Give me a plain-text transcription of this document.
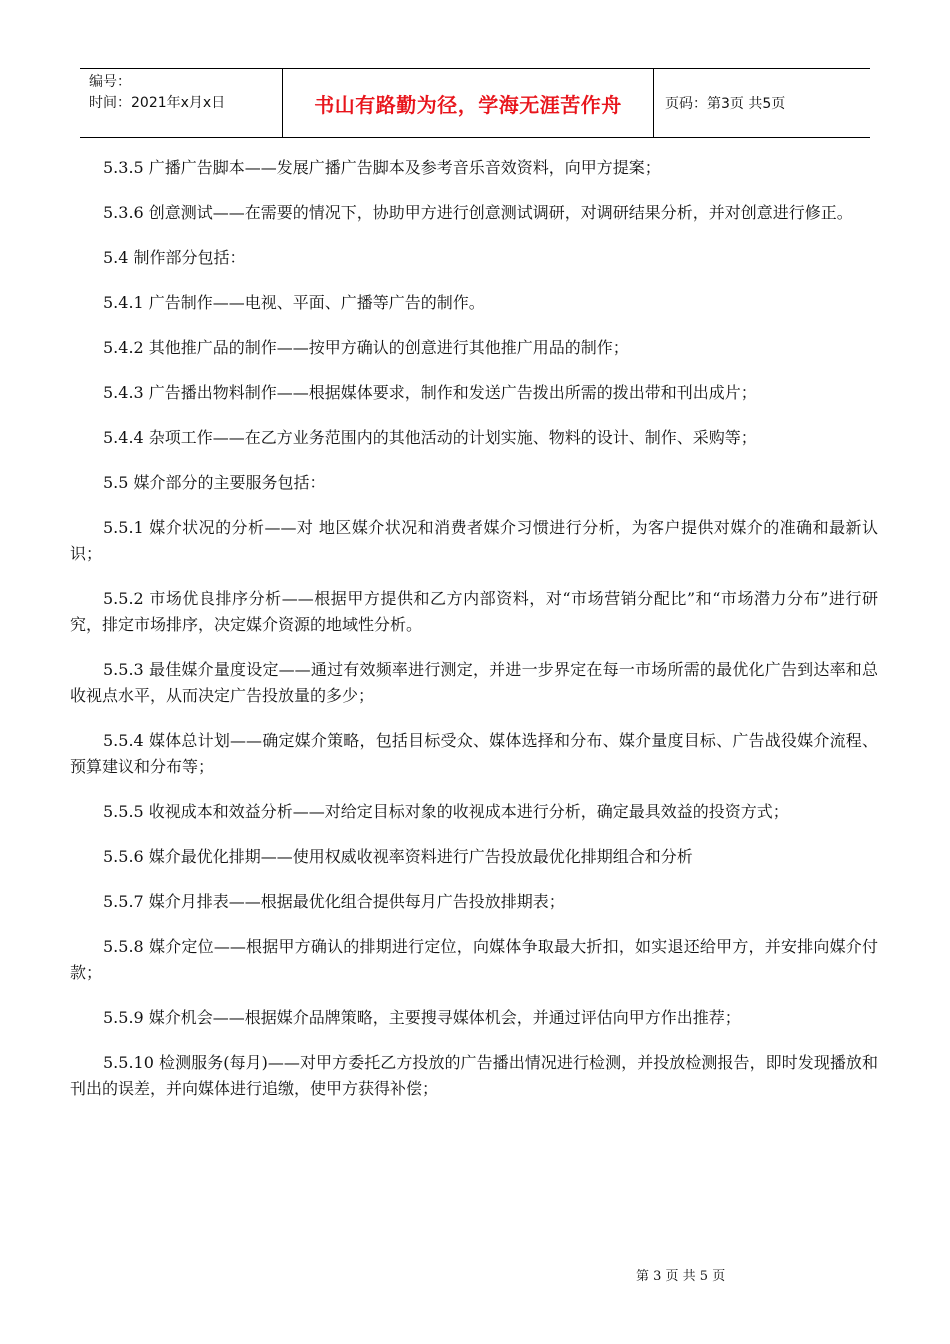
编号：
时间：2021年x月x日	书山有路勤为径，学海无涯苦作舟	页码：第3页 共5页

5.3.5 广播广告脚本——发展广播广告脚本及参考音乐音效资料，向甲方提案；

5.3.6 创意测试——在需要的情况下，协助甲方进行创意测试调研，对调研结果分析，并对创意进行修正。

5.4 制作部分包括：

5.4.1 广告制作——电视、平面、广播等广告的制作。

5.4.2 其他推广品的制作——按甲方确认的创意进行其他推广用品的制作；

5.4.3 广告播出物料制作——根据媒体要求，制作和发送广告拨出所需的拨出带和刊出成片；

5.4.4 杂项工作——在乙方业务范围内的其他活动的计划实施、物料的设计、制作、采购等；

5.5 媒介部分的主要服务包括：

5.5.1 媒介状况的分析——对 地区媒介状况和消费者媒介习惯进行分析，为客户提供对媒介的准确和最新认识；

5.5.2 市场优良排序分析——根据甲方提供和乙方内部资料，对“市场营销分配比”和“市场潜力分布”进行研究，排定市场排序，决定媒介资源的地域性分析。

5.5.3 最佳媒介量度设定——通过有效频率进行测定，并进一步界定在每一市场所需的最优化广告到达率和总收视点水平，从而决定广告投放量的多少；

5.5.4 媒体总计划——确定媒介策略，包括目标受众、媒体选择和分布、媒介量度目标、广告战役媒介流程、预算建议和分布等；

5.5.5 收视成本和效益分析——对给定目标对象的收视成本进行分析，确定最具效益的投资方式；

5.5.6 媒介最优化排期——使用权威收视率资料进行广告投放最优化排期组合和分析

5.5.7 媒介月排表——根据最优化组合提供每月广告投放排期表；

5.5.8 媒介定位——根据甲方确认的排期进行定位，向媒体争取最大折扣，如实退还给甲方，并安排向媒介付款；

5.5.9 媒介机会——根据媒介品牌策略，主要搜寻媒体机会，并通过评估向甲方作出推荐；

5.5.10 检测服务(每月)——对甲方委托乙方投放的广告播出情况进行检测，并投放检测报告，即时发现播放和刊出的误差，并向媒体进行追缴，使甲方获得补偿；

第 3 页 共 5 页
